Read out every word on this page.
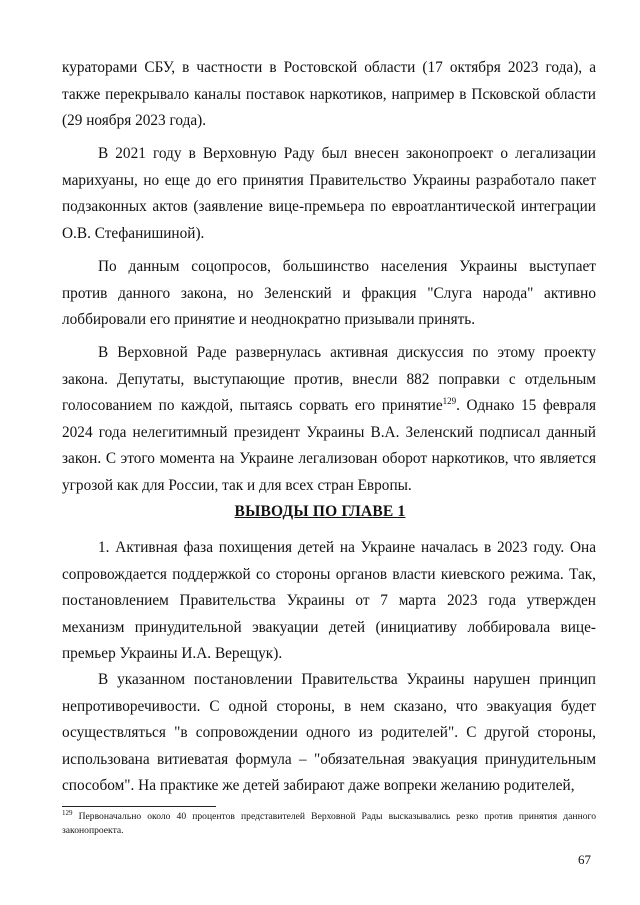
кураторами СБУ, в частности в Ростовской области (17 октября 2023 года), а также перекрывало каналы поставок наркотиков, например в Псковской области (29 ноября 2023 года).

В 2021 году в Верховную Раду был внесен законопроект о легализации марихуаны, но еще до его принятия Правительство Украины разработало пакет подзаконных актов (заявление вице-премьера по евроатлантической интеграции О.В. Стефанишиной).

По данным соцопросов, большинство населения Украины выступает против данного закона, но Зеленский и фракция "Слуга народа" активно лоббировали его принятие и неоднократно призывали принять.

В Верховной Раде развернулась активная дискуссия по этому проекту закона. Депутаты, выступающие против, внесли 882 поправки с отдельным голосованием по каждой, пытаясь сорвать его принятие$^{129}$. Однако 15 февраля 2024 года нелегитимный президент Украины В.А. Зеленский подписал данный закон. С этого момента на Украине легализован оборот наркотиков, что является угрозой как для России, так и для всех стран Европы.

ВЫВОДЫ ПО ГЛАВЕ 1

1. Активная фаза похищения детей на Украине началась в 2023 году. Она сопровождается поддержкой со стороны органов власти киевского режима. Так, постановлением Правительства Украины от 7 марта 2023 года утвержден механизм принудительной эвакуации детей (инициативу лоббировала вице-премьер Украины И.А. Верещук).

В указанном постановлении Правительства Украины нарушен принцип непротиворечивости. С одной стороны, в нем сказано, что эвакуация будет осуществляться "в сопровождении одного из родителей". С другой стороны, использована витиеватая формула – "обязательная эвакуация принудительным способом". На практике же детей забирают даже вопреки желанию родителей,

$^{129}$ Первоначально около 40 процентов представителей Верховной Рады высказывались резко против принятия данного законопроекта.

67
